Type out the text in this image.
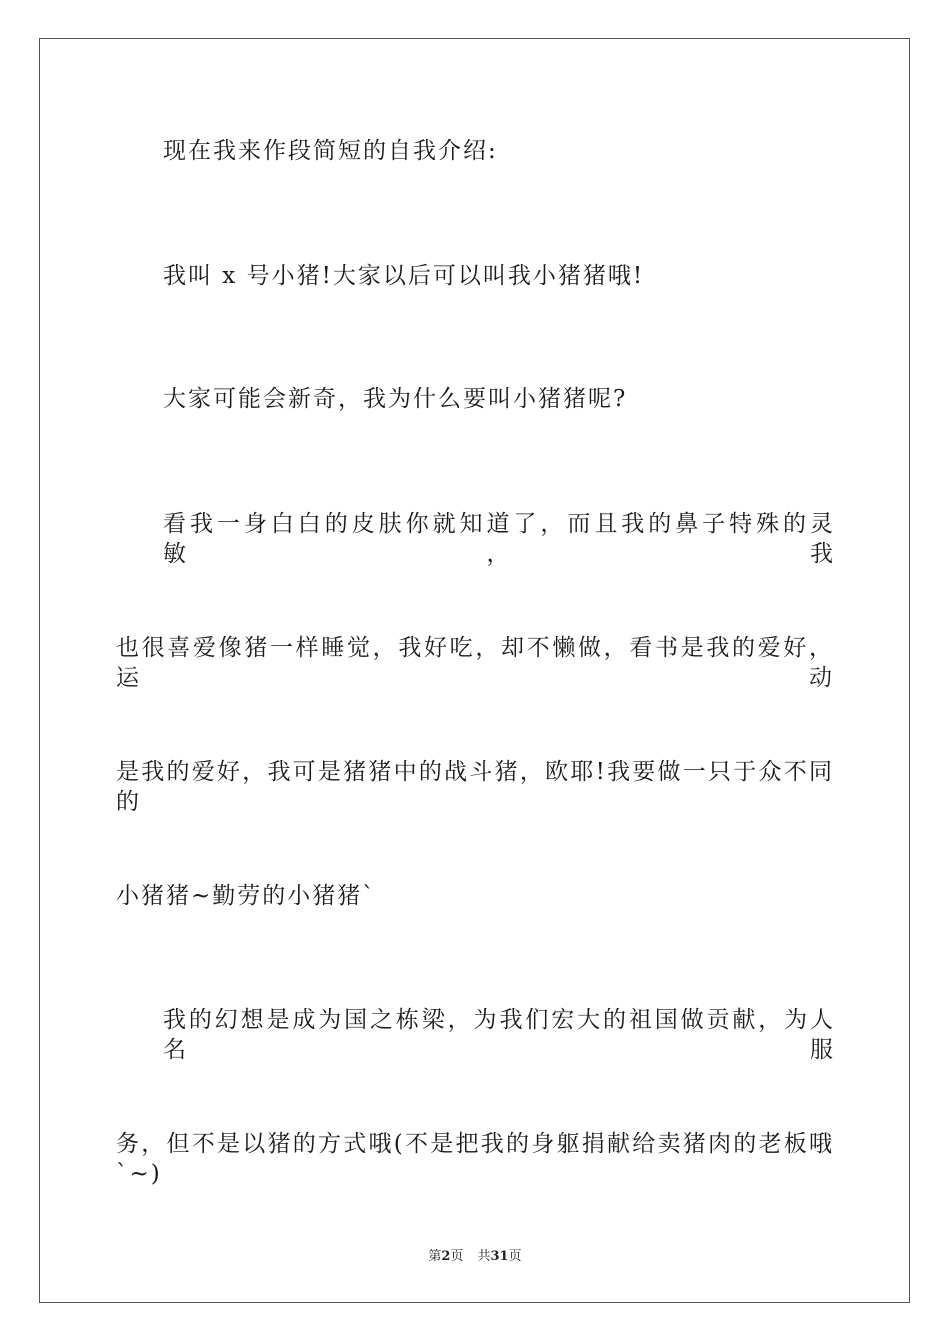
现在我来作段简短的自我介绍:
我叫 x 号小猪!大家以后可以叫我小猪猪哦!
大家可能会新奇，我为什么要叫小猪猪呢?
看我一身白白的皮肤你就知道了，而且我的鼻子特殊的灵敏，我
也很喜爱像猪一样睡觉，我好吃，却不懒做，看书是我的爱好，运动
是我的爱好，我可是猪猪中的战斗猪，欧耶!我要做一只于众不同的
小猪猪~勤劳的小猪猪`
我的幻想是成为国之栋梁，为我们宏大的祖国做贡献，为人名服
务，但不是以猪的方式哦(不是把我的身躯捐献给卖猪肉的老板哦`~)
第2页 共31页
